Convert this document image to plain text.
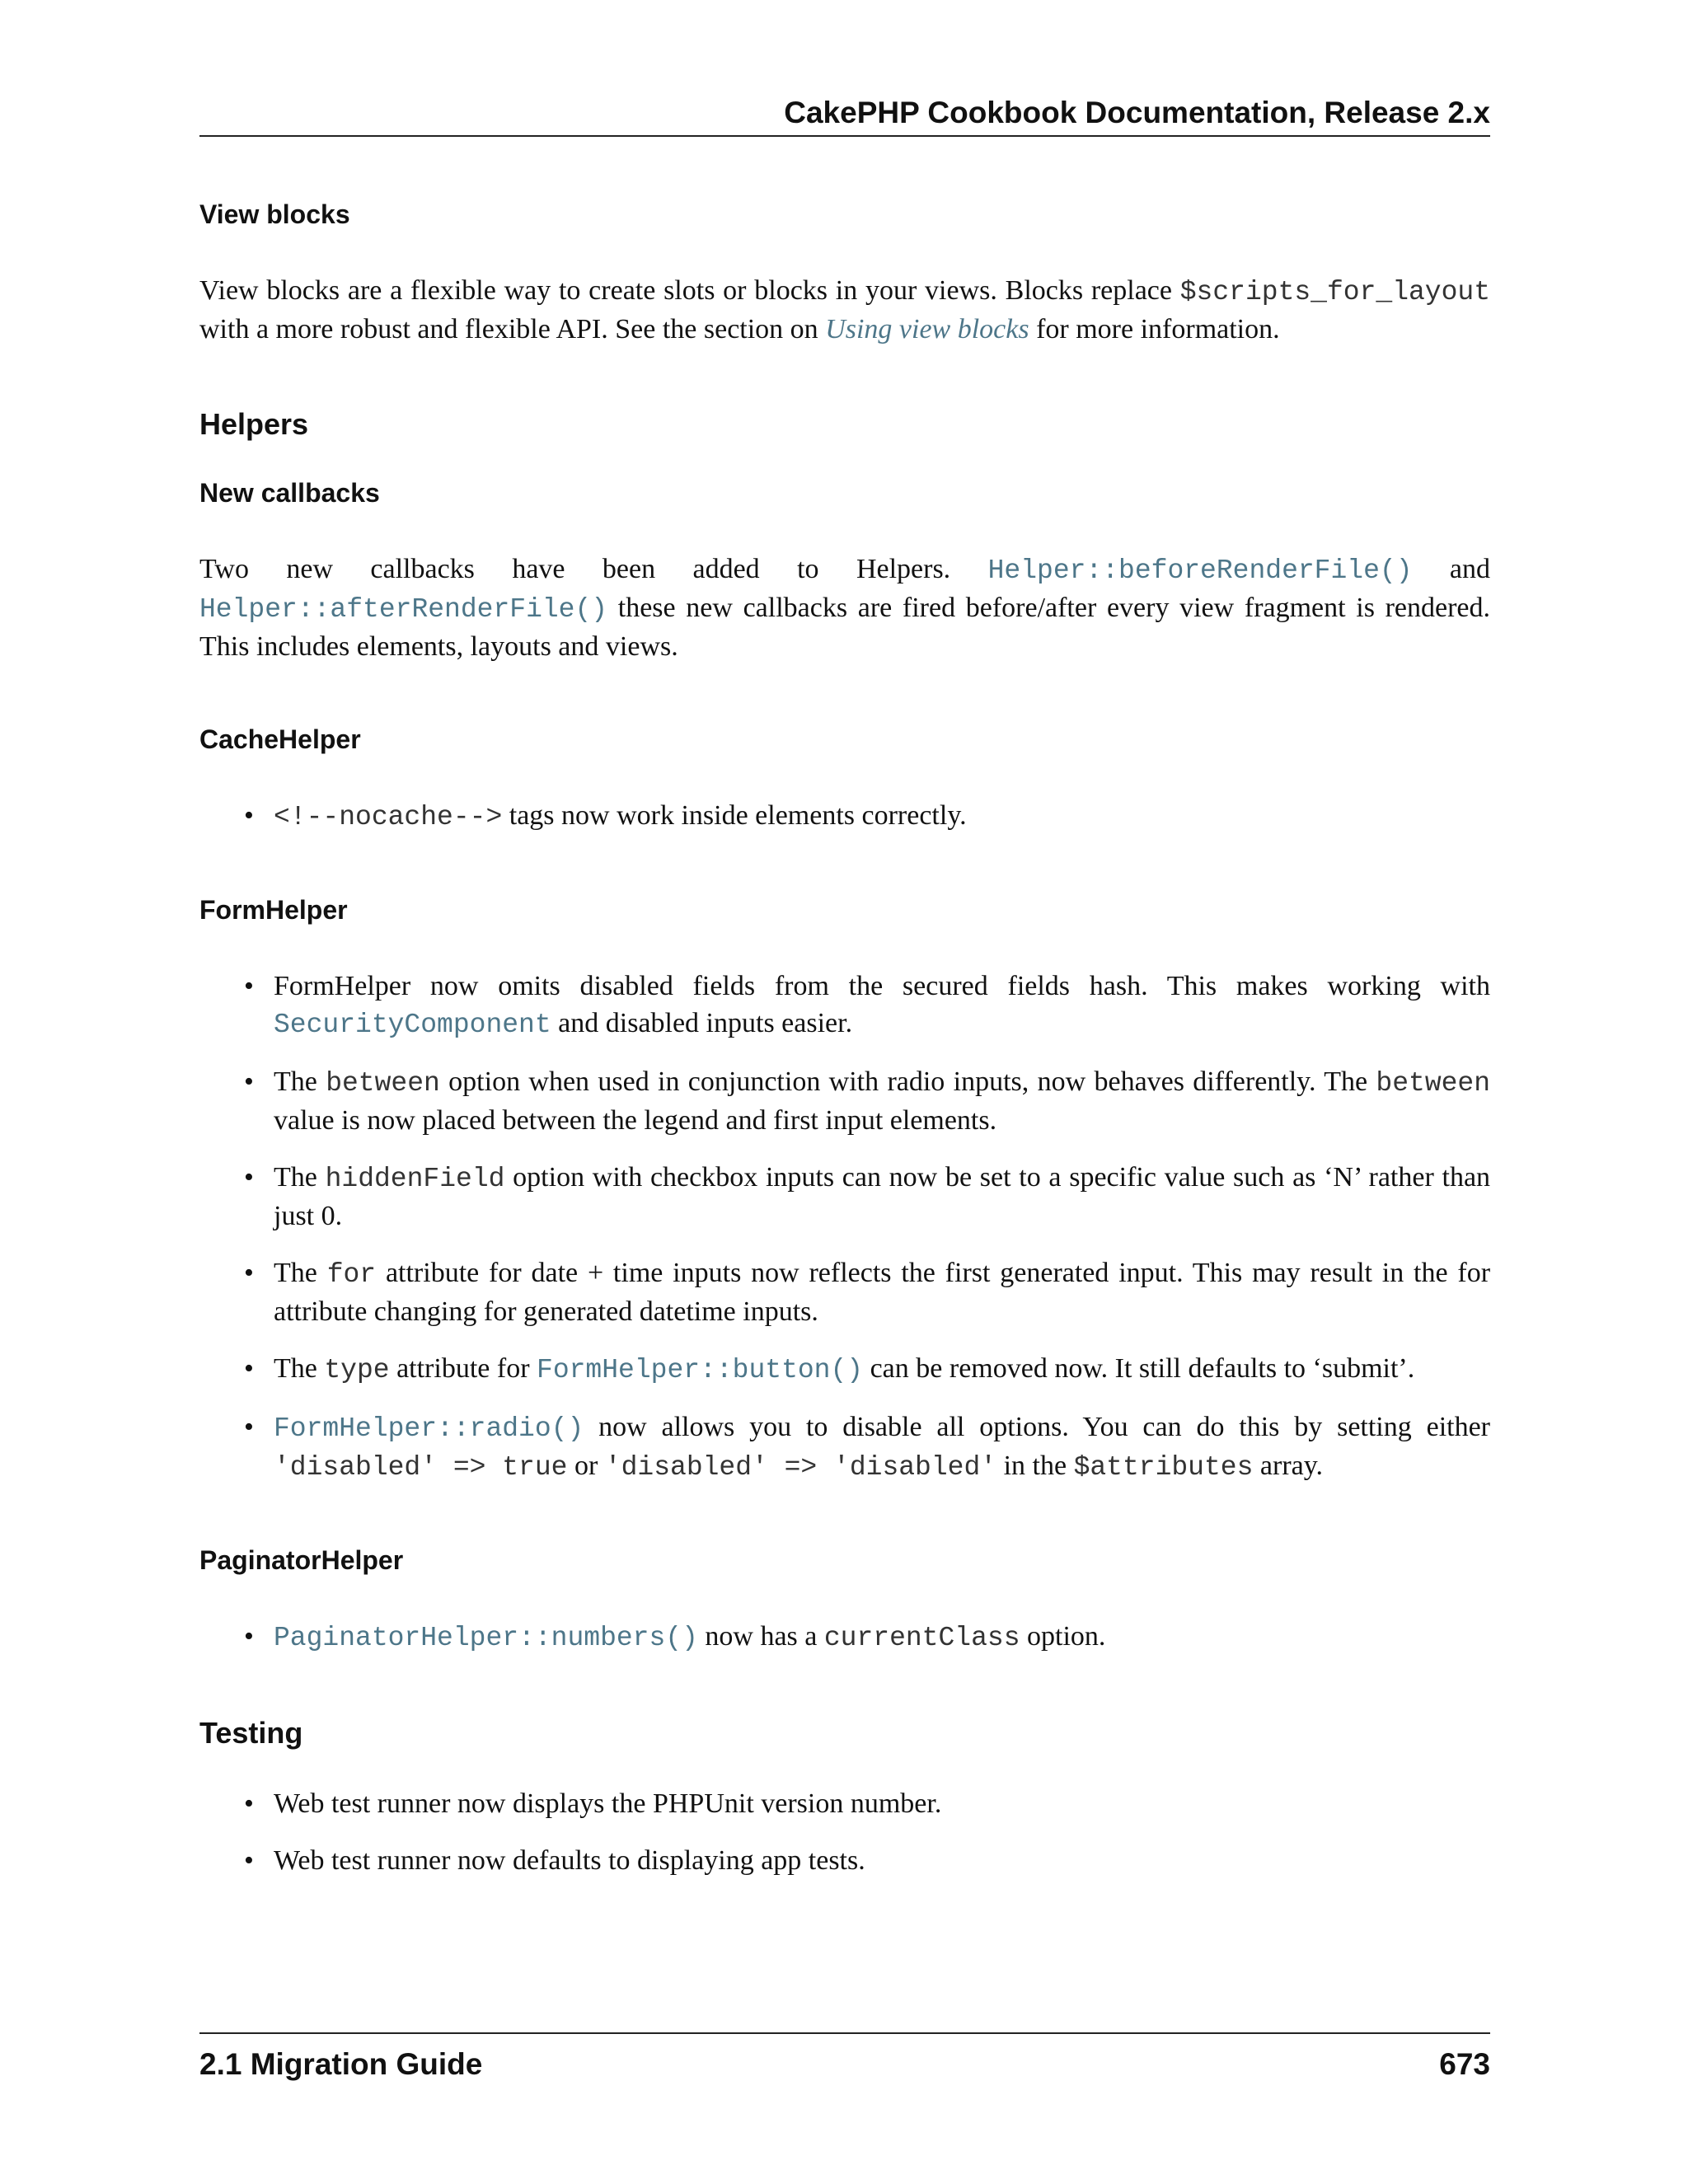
CakePHP Cookbook Documentation, Release 2.x
View blocks

View blocks are a flexible way to create slots or blocks in your views. Blocks replace $scripts_for_layout with a more robust and flexible API. See the section on Using view blocks for more information.

Helpers
New callbacks

Two new callbacks have been added to Helpers. Helper::beforeRenderFile() and Helper::afterRenderFile() these new callbacks are fired before/after every view fragment is rendered. This includes elements, layouts and views.

CacheHelper
• <!--nocache--> tags now work inside elements correctly.
FormHelper
• FormHelper now omits disabled fields from the secured fields hash. This makes working with SecurityComponent and disabled inputs easier.
• The between option when used in conjunction with radio inputs, now behaves differently. The between value is now placed between the legend and first input elements.
• The hiddenField option with checkbox inputs can now be set to a specific value such as ‘N’ rather than just 0.
• The for attribute for date + time inputs now reflects the first generated input. This may result in the for attribute changing for generated datetime inputs.
• The type attribute for FormHelper::button() can be removed now. It still defaults to ‘submit’.
• FormHelper::radio() now allows you to disable all options. You can do this by setting either 'disabled' => true or 'disabled' => 'disabled' in the $attributes array.
PaginatorHelper
• PaginatorHelper::numbers() now has a currentClass option.
Testing
• Web test runner now displays the PHPUnit version number.
• Web test runner now defaults to displaying app tests.
2.1 Migration Guide	673
